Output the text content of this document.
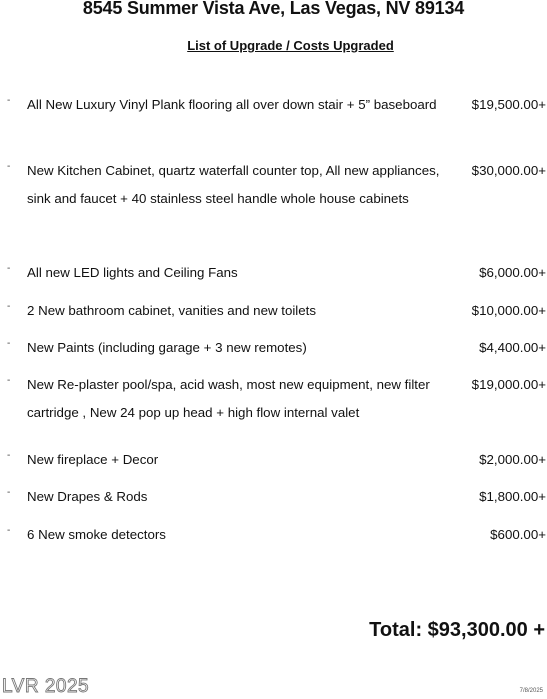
8545 Summer Vista Ave, Las Vegas, NV 89134
List of Upgrade / Costs Upgraded
- All New Luxury Vinyl Plank flooring all over down stair + 5” baseboard	$19,500.00+
- New Kitchen Cabinet, quartz waterfall counter top, All new appliances, sink and faucet + 40 stainless steel handle whole house cabinets
$30,000.00+
- All new LED lights and Ceiling Fans	$6,000.00+
- 2 New bathroom cabinet, vanities and new toilets	$10,000.00+
- New Paints (including garage + 3 new remotes)	$4,400.00+
- New Re-plaster pool/spa, acid wash, most new equipment, new filter cartridge , New 24 pop up head + high flow internal valet
$19,000.00+
- New fireplace + Decor	$2,000.00+
- New Drapes & Rods	$1,800.00+
- 6 New smoke detectors	$600.00+
Total: $93,300.00 +
LVR 2025	7/8/2025
